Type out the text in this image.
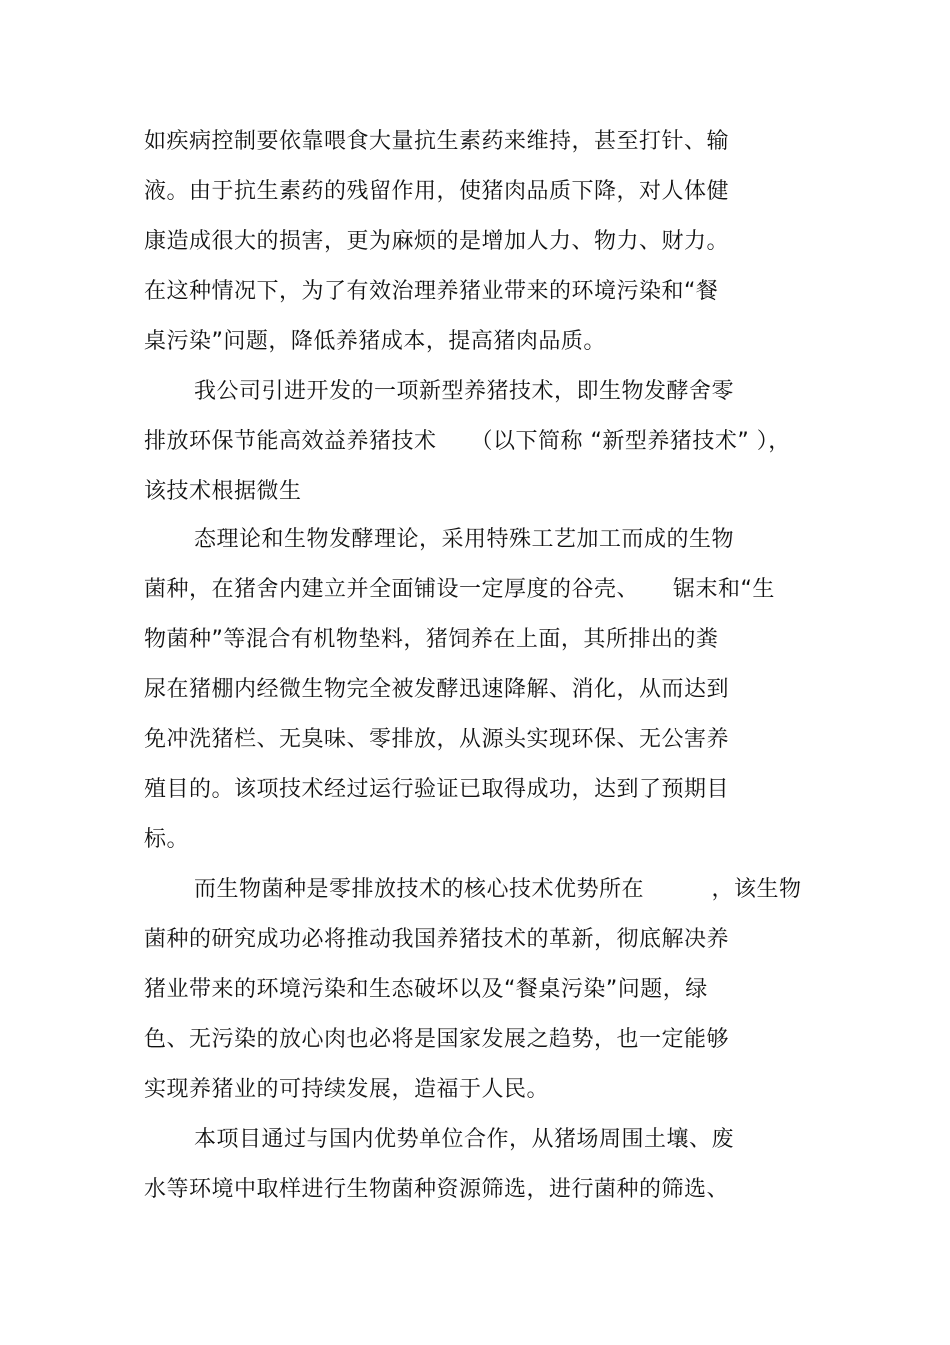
如疾病控制要依靠喂食大量抗生素药来维持，甚至打针、输
液。由于抗生素药的残留作用，使猪肉品质下降，对人体健
康造成很大的损害，更为麻烦的是增加人力、物力、财力。
在这种情况下，为了有效治理养猪业带来的环境污染和“餐
桌污染”问题，降低养猪成本，提高猪肉品质。
我公司引进开发的一项新型养猪技术，即生物发酵舍零
排放环保节能高效益养猪技术　　（以下简称 “新型养猪技术” ），
该技术根据微生
态理论和生物发酵理论，采用特殊工艺加工而成的生物
菌种，在猪舍内建立并全面铺设一定厚度的谷壳、　　锯末和“生
物菌种”等混合有机物垫料，猪饲养在上面，其所排出的粪
尿在猪棚内经微生物完全被发酵迅速降解、消化，从而达到
免冲洗猪栏、无臭味、零排放，从源头实现环保、无公害养
殖目的。该项技术经过运行验证已取得成功，达到了预期目
标。
而生物菌种是零排放技术的核心技术优势所在　　　，该生物
菌种的研究成功必将推动我国养猪技术的革新，彻底解决养
猪业带来的环境污染和生态破坏以及“餐桌污染”问题，绿
色、无污染的放心肉也必将是国家发展之趋势，也一定能够
实现养猪业的可持续发展，造福于人民。
本项目通过与国内优势单位合作，从猪场周围土壤、废
水等环境中取样进行生物菌种资源筛选，进行菌种的筛选、
